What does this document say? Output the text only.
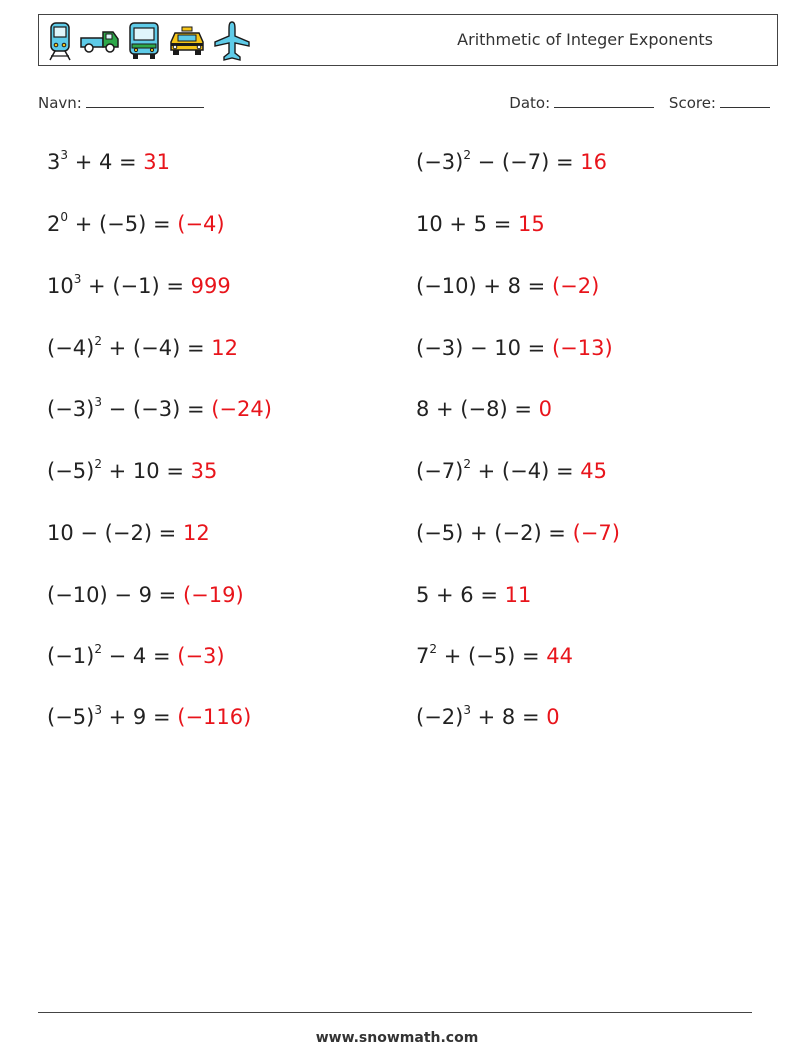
Arithmetic of Integer Exponents
Navn:	Dato:	Score:
$3^3 + 4 = 31$	$(-3)^2 - (-7) = 16$
$2^0 + (-5) = (-4)$	10 + 5 = 15
$10^3 + (-1) = 999$	(−10) + 8 = (−2)
$(-4)^2 + (-4) = 12$	(−3) − 10 = (−13)
$(-3)^3 - (-3) = (-24)$	8 + (−8) = 0
$(-5)^2 + 10 = 35$	$(-7)^2 + (-4) = 45$
10 − (−2) = 12	(−5) + (−2) = (−7)
(−10) − 9 = (−19)	5 + 6 = 11
$(-1)^2 - 4 = (-3)$	$7^2 + (-5) = 44$
$(-5)^3 + 9 = (-116)$	$(-2)^3 + 8 = 0$
www.snowmath.com
